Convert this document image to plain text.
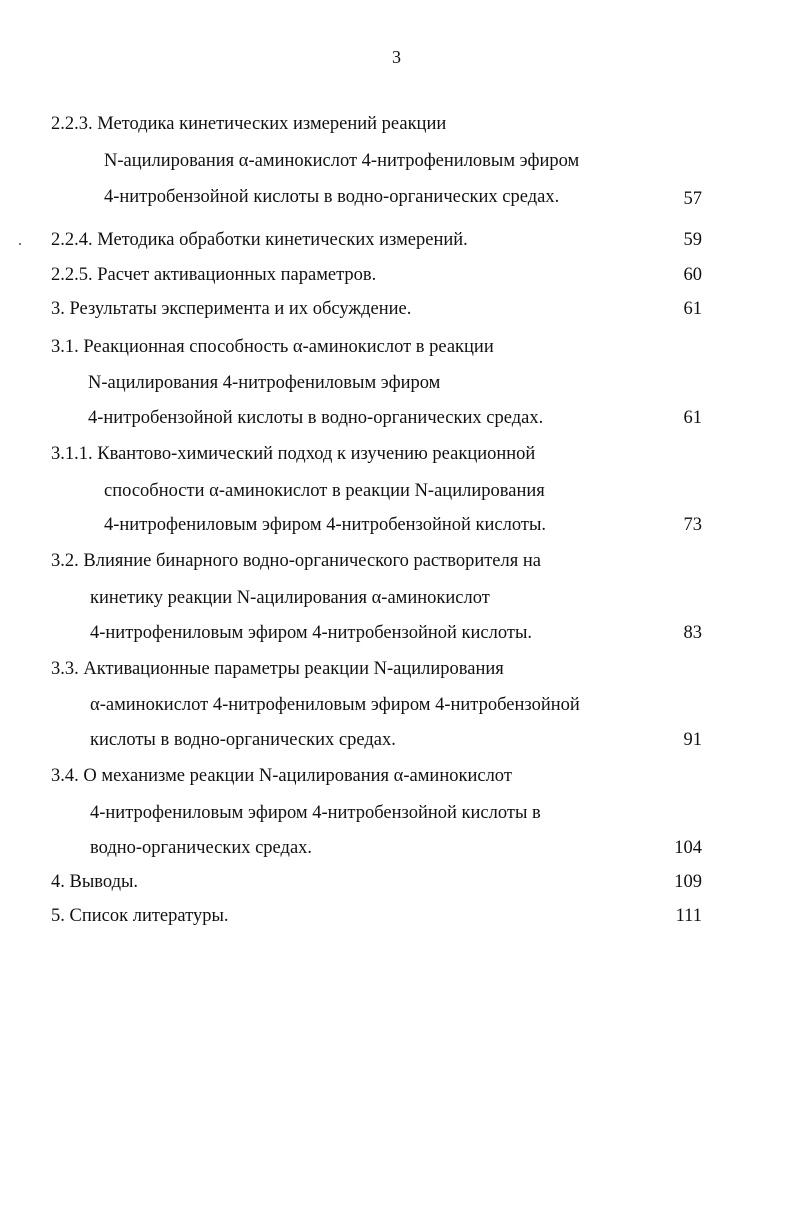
3
2.2.3. Методика кинетических измерений реакции
N-ацилирования α-аминокислот 4-нитрофениловым эфиром
4-нитробензойной кислоты в водно-органических средах.	57
2.2.4. Методика обработки кинетических измерений.	59
2.2.5. Расчет активационных параметров.	60
3. Результаты эксперимента и их обсуждение.	61
3.1. Реакционная способность α-аминокислот в реакции
N-ацилирования 4-нитрофениловым эфиром
4-нитробензойной кислоты в водно-органических средах.	61
3.1.1. Квантово-химический подход к изучению реакционной
способности α-аминокислот в реакции N-ацилирования
4-нитрофениловым эфиром 4-нитробензойной кислоты.	73
3.2. Влияние бинарного водно-органического растворителя на
кинетику реакции N-ацилирования α-аминокислот
4-нитрофениловым эфиром 4-нитробензойной кислоты.	83
3.3. Активационные параметры реакции N-ацилирования
α-аминокислот 4-нитрофениловым эфиром 4-нитробензойной
кислоты в водно-органических средах.	91
3.4. О механизме реакции N-ацилирования α-аминокислот
4-нитрофениловым эфиром 4-нитробензойной кислоты в
водно-органических средах.	104
4. Выводы.	109
5. Список литературы.	111
